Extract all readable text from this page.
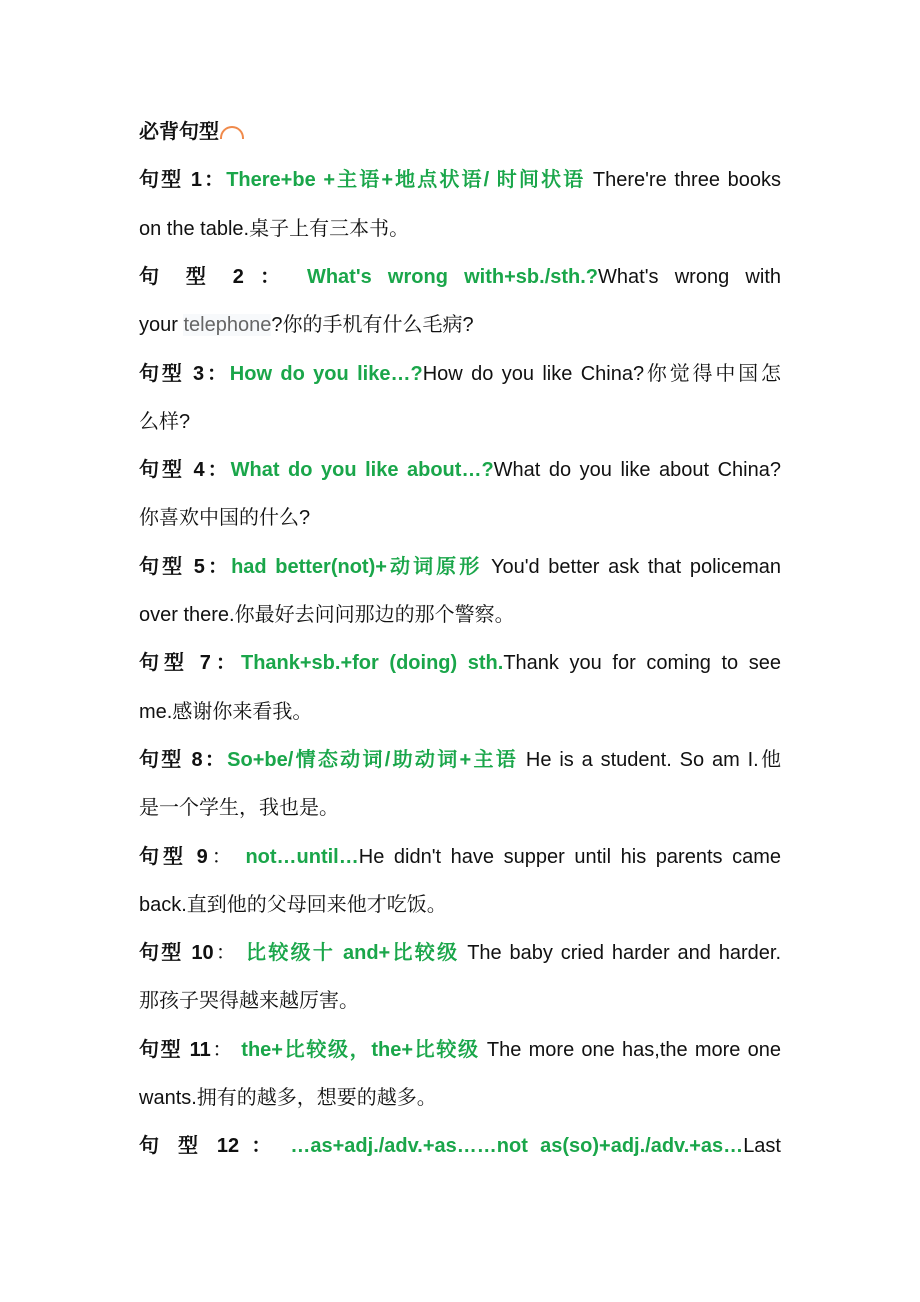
必背句型
句型 1：There+be +主语+地点状语/ 时间状语 There're three books
on the table.桌子上有三本书。
句 型 2 ： What's wrong with+sb./sth.?What's wrong with
your telephone?你的手机有什么毛病?
句型 3：How do you like…?How do you like China?你觉得中国怎
么样?
句型 4：What do you like about…?What do you like about China?
你喜欢中国的什么?
句型 5：had better(not)+动词原形 You'd better ask that policeman
over there.你最好去问问那边的那个警察。
句型 7：Thank+sb.+for (doing) sth.Thank you for coming to see
me.感谢你来看我。
句型 8：So+be/情态动词/助动词+主语 He is a student. So am I.他
是一个学生，我也是。
句型 9： not…until…He didn't have supper until his parents came
back.直到他的父母回来他才吃饭。
句型 10： 比较级十 and+比较级 The baby cried harder and harder.
那孩子哭得越来越厉害。
句型 11： the+比较级，the+比较级 The more one has,the more one
wants.拥有的越多，想要的越多。
句 型 12 ： …as+adj./adv.+as……not as(so)+adj./adv.+as…Last
